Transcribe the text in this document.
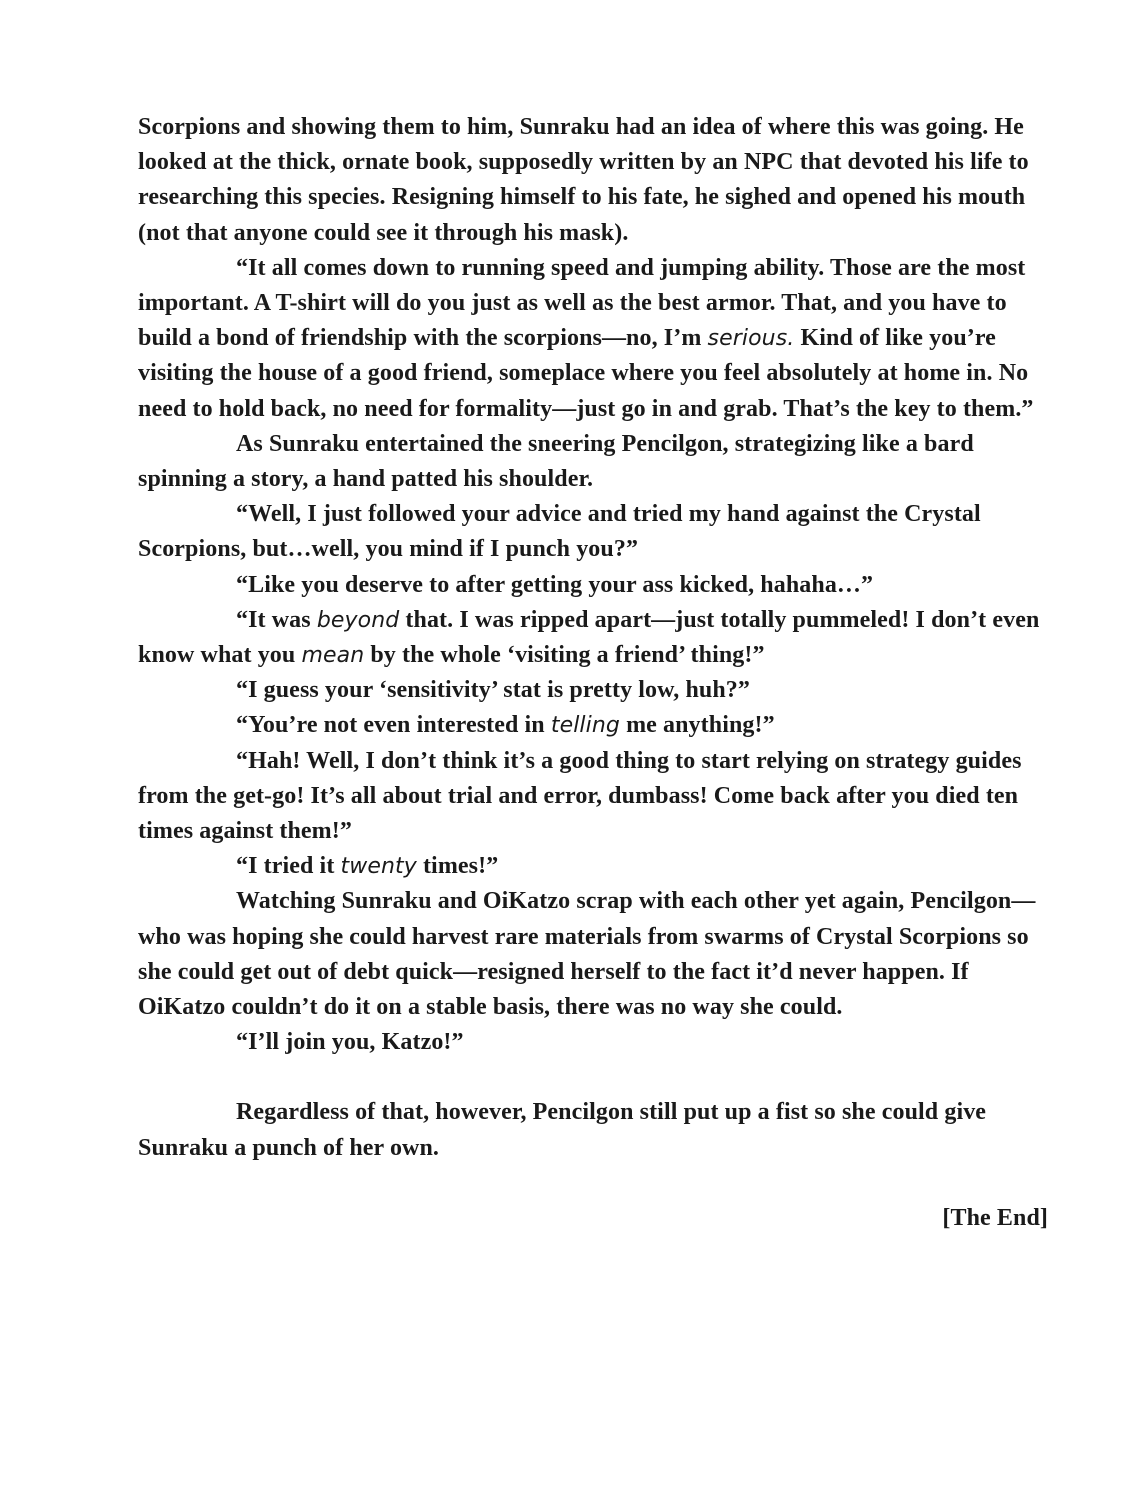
Scorpions and showing them to him, Sunraku had an idea of where this was going. He looked at the thick, ornate book, supposedly written by an NPC that devoted his life to researching this species. Resigning himself to his fate, he sighed and opened his mouth (not that anyone could see it through his mask).

“It all comes down to running speed and jumping ability. Those are the most important. A T-shirt will do you just as well as the best armor. That, and you have to build a bond of friendship with the scorpions—no, I’m serious. Kind of like you’re visiting the house of a good friend, someplace where you feel absolutely at home in. No need to hold back, no need for formality—just go in and grab. That’s the key to them.”

As Sunraku entertained the sneering Pencilgon, strategizing like a bard spinning a story, a hand patted his shoulder.

“Well, I just followed your advice and tried my hand against the Crystal Scorpions, but…well, you mind if I punch you?”

“Like you deserve to after getting your ass kicked, hahaha…”

“It was beyond that. I was ripped apart—just totally pummeled! I don’t even know what you mean by the whole ‘visiting a friend’ thing!”

“I guess your ‘sensitivity’ stat is pretty low, huh?”

“You’re not even interested in telling me anything!”

“Hah! Well, I don’t think it’s a good thing to start relying on strategy guides from the get-go! It’s all about trial and error, dumbass! Come back after you died ten times against them!”

“I tried it twenty times!”

Watching Sunraku and OiKatzo scrap with each other yet again, Pencilgon—who was hoping she could harvest rare materials from swarms of Crystal Scorpions so she could get out of debt quick—resigned herself to the fact it’d never happen. If OiKatzo couldn’t do it on a stable basis, there was no way she could.

“I’ll join you, Katzo!”

Regardless of that, however, Pencilgon still put up a fist so she could give Sunraku a punch of her own.

[The End]
